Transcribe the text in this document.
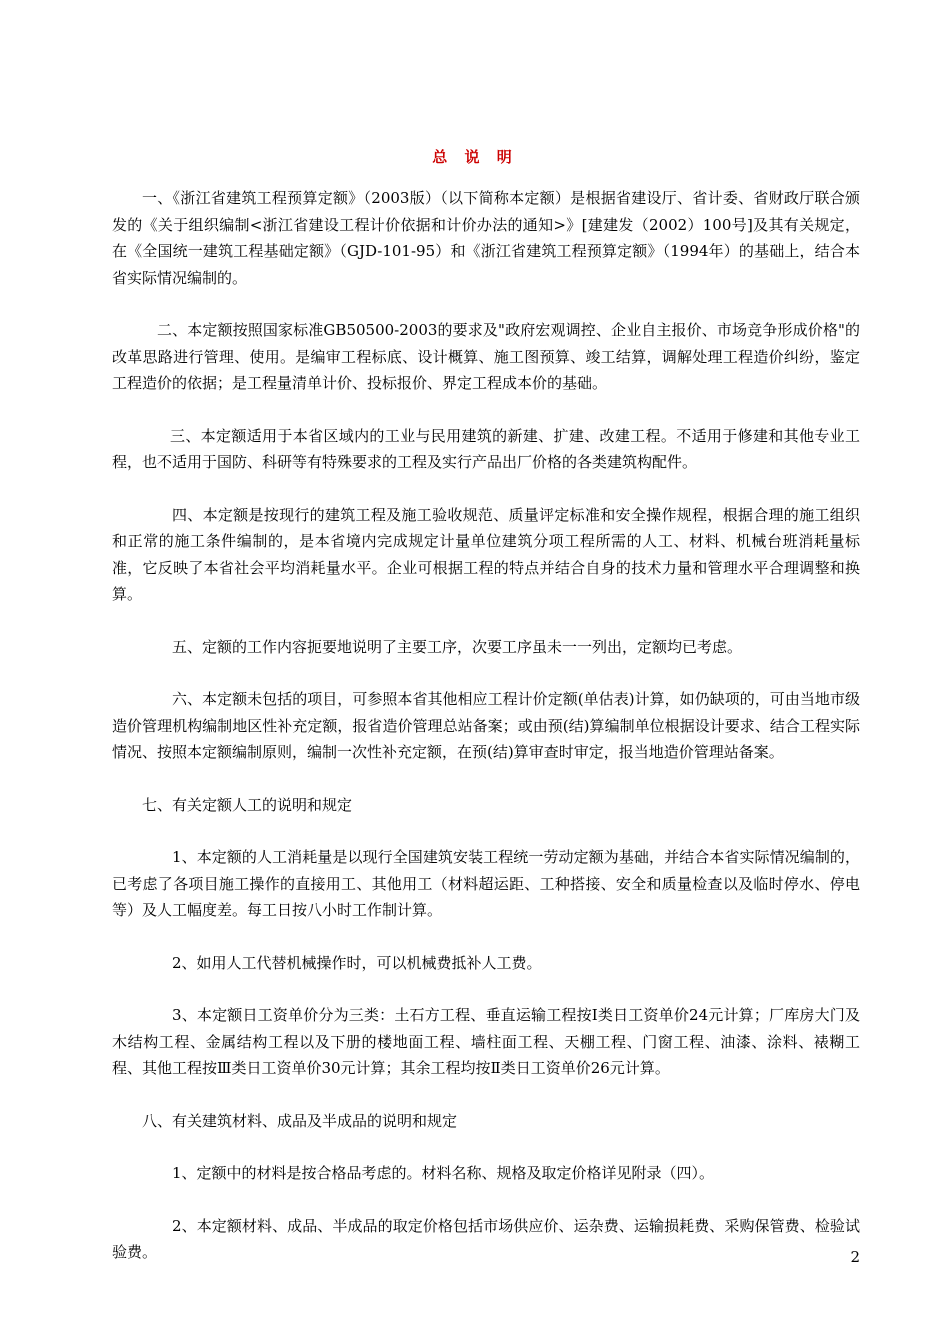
总 说 明

一、《浙江省建筑工程预算定额》（2003版）（以下简称本定额）是根据省建设厅、省计委、省财政厅联合颁发的《关于组织编制<浙江省建设工程计价依据和计价办法的通知>》[建建发（2002）100号]及其有关规定，在《全国统一建筑工程基础定额》（GJD-101-95）和《浙江省建筑工程预算定额》（1994年）的基础上，结合本省实际情况编制的。

二、本定额按照国家标准GB50500-2003的要求及"政府宏观调控、企业自主报价、市场竞争形成价格"的改革思路进行管理、使用。是编审工程标底、设计概算、施工图预算、竣工结算，调解处理工程造价纠纷，鉴定工程造价的依据；是工程量清单计价、投标报价、界定工程成本价的基础。

三、本定额适用于本省区域内的工业与民用建筑的新建、扩建、改建工程。不适用于修建和其他专业工程，也不适用于国防、科研等有特殊要求的工程及实行产品出厂价格的各类建筑构配件。

四、本定额是按现行的建筑工程及施工验收规范、质量评定标准和安全操作规程，根据合理的施工组织和正常的施工条件编制的，是本省境内完成规定计量单位建筑分项工程所需的人工、材料、机械台班消耗量标准，它反映了本省社会平均消耗量水平。企业可根据工程的特点并结合自身的技术力量和管理水平合理调整和换算。

五、定额的工作内容扼要地说明了主要工序，次要工序虽未一一列出，定额均已考虑。

六、本定额未包括的项目，可参照本省其他相应工程计价定额(单估表)计算，如仍缺项的，可由当地市级造价管理机构编制地区性补充定额，报省造价管理总站备案；或由预(结)算编制单位根据设计要求、结合工程实际情况、按照本定额编制原则，编制一次性补充定额，在预(结)算审查时审定，报当地造价管理站备案。

七、有关定额人工的说明和规定

1、本定额的人工消耗量是以现行全国建筑安装工程统一劳动定额为基础，并结合本省实际情况编制的，已考虑了各项目施工操作的直接用工、其他用工（材料超运距、工种搭接、安全和质量检查以及临时停水、停电等）及人工幅度差。每工日按八小时工作制计算。

2、如用人工代替机械操作时，可以机械费抵补人工费。

3、本定额日工资单价分为三类：土石方工程、垂直运输工程按Ⅰ类日工资单价24元计算；厂库房大门及木结构工程、金属结构工程以及下册的楼地面工程、墙柱面工程、天棚工程、门窗工程、油漆、涂料、裱糊工程、其他工程按Ⅲ类日工资单价30元计算；其余工程均按Ⅱ类日工资单价26元计算。

八、有关建筑材料、成品及半成品的说明和规定

1、定额中的材料是按合格品考虑的。材料名称、规格及取定价格详见附录（四）。

2、本定额材料、成品、半成品的取定价格包括市场供应价、运杂费、运输损耗费、采购保管费、检验试验费。	2
